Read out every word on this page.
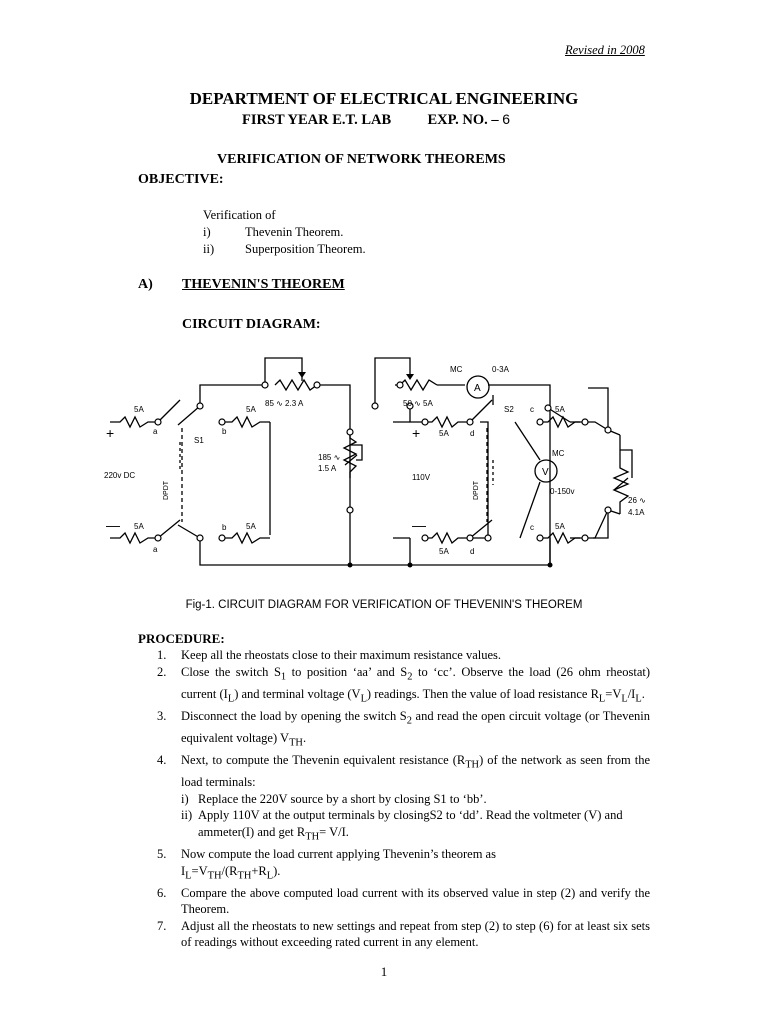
Revised in 2008
DEPARTMENT OF ELECTRICAL ENGINEERING
FIRST YEAR E.T. LAB	EXP. NO. – 6
VERIFICATION OF NETWORK THEOREMS
OBJECTIVE:
Verification of
i)	Thevenin Theorem.
ii)	Superposition Theorem.
A) THEVENIN'S THEOREM
CIRCUIT DIAGRAM:
5A
5A
5A
5A
5A
5A
5A
5A
a
a
b
b
c
c
d
d
+
—
+
—
S1
S2
220v DC	110V
DPDT	DPDT
85 ∿ 2.3 A	50 ∿ 5A
185 ∿
1.5 A
26 ∿
4.1A
MC	0-3A
A
MC
0-150v
V
Fig-1. CIRCUIT DIAGRAM FOR VERIFICATION OF THEVENIN'S THEOREM
PROCEDURE:
1.	Keep all the rheostats close to their maximum resistance values.
2.	Close the switch $S_1$ to position ‘aa’ and $S_2$ to ‘cc’. Observe the load (26 ohm rheostat) current $(I_L)$ and terminal voltage $(V_L)$ readings. Then the value of load resistance $R_L=V_L/I_L$.
3.	Disconnect the load by opening the switch $S_2$ and read the open circuit voltage (or Thevenin equivalent voltage) $V_{TH}$.
4.	Next, to compute the Thevenin equivalent resistance $(R_{TH})$ of the network as seen from the load terminals:
i) Replace the 220V source by a short by closing S1 to ‘bb’.
ii) Apply 110V at the output terminals by closingS2 to ‘dd’. Read the voltmeter (V) and ammeter(I) and get $R_{TH}= V/I$.
5.	Now compute the load current applying Thevenin’s theorem as
$I_L=V_{TH}/(R_{TH}+R_L)$.
6.	Compare the above computed load current with its observed value in step (2) and verify the Theorem.
7.	Adjust all the rheostats to new settings and repeat from step (2) to step (6) for at least six sets of readings without exceeding rated current in any element.
1
